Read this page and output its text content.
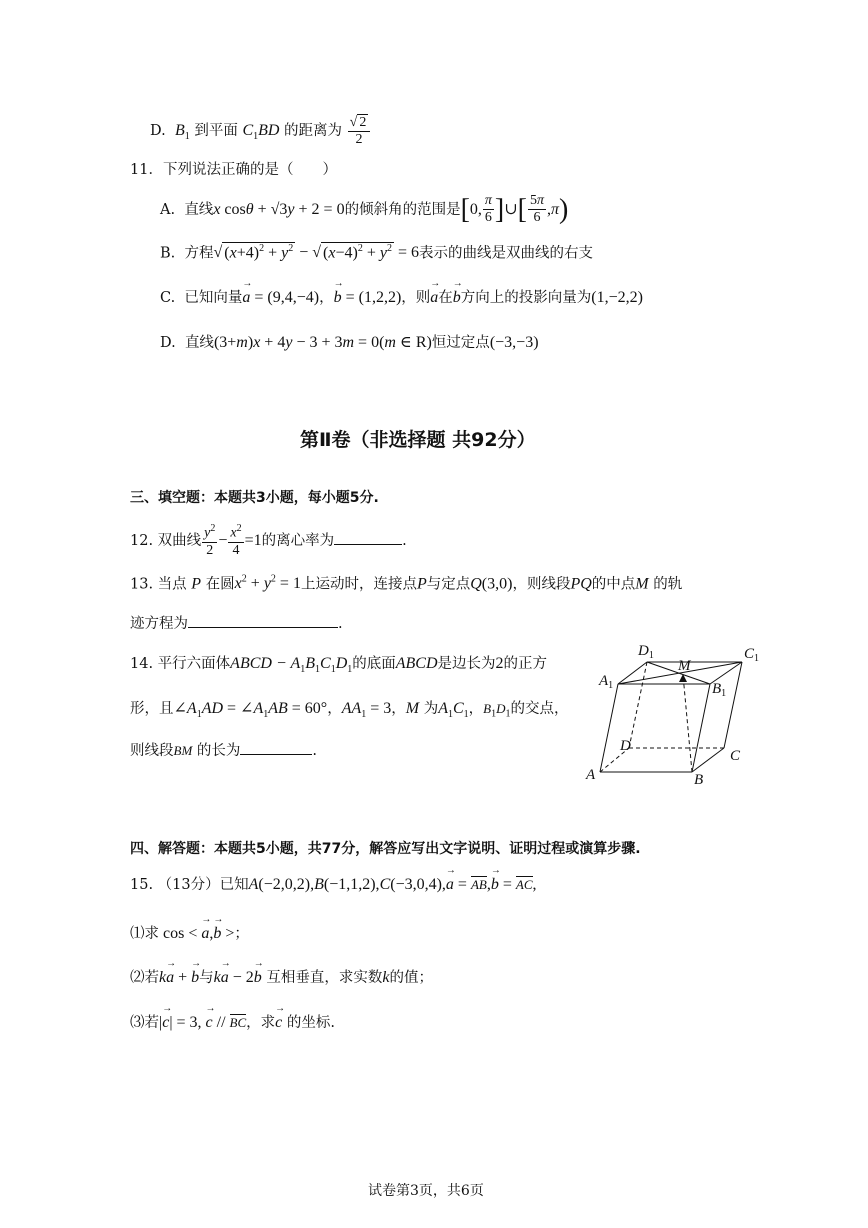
D. $B_1$ 到平面 $C_1BD$ 的距离为 $\frac{√ 2}{2}$
11．下列说法正确的是（　　）
A. 直线x cosθ + √3y + 2 = 0的倾斜角的范围是[0, $\frac{\pi}{6}$ ]∪[ $\frac{5\pi}{6} ,\pi$)
B. 方程√ $(x+4)^2 + y^2$ − √ $(x-4)^2 + y^2 = 6$表示的曲线是双曲线的右支
C. 已知向量→ a = (9,4,−4)，→ b = (1,2,2)，则→ a在→ b方向上的投影向量为(1,−2,2)
D. 直线(3+m)x + 4y − 3 + 3m = 0(m ∈ R)恒过定点(−3,−3)
第Ⅱ卷（非选择题 共92分）
三、填空题：本题共3小题，每小题5分.
12. 双曲线 $\frac{y^2}{2} - \frac{x^2}{4} =1$的离心率为	.
13. 当点 P 在圆$x^2 + y^2 = 1$上运动时，连接点P与定点Q(3,0)，则线段PQ的中点M 的轨
迹方程为	.
14. 平行六面体ABCD − $A_1B_1C_1D_1$的底面ABCD是边长为2的正方
形，且$\angle A_1AD$ = $\angle A_1AB = 60^\circ$，$AA_1 = 3$，M 为$A_1C_1$，$B_1D_1$的交点，
则线段BM 的长为	.
$D_1$	$C_1$
M
$A_1$	$B_1$
D
C
A	B
四、解答题：本题共5小题，共77分，解答应写出文字说明、证明过程或演算步骤.
15. （13分）已知A(−2,0,2),B(−1,1,2),C(−3,0,4),→ a = AB,→ b = AC,
⑴求 cos < → a,→ b >；
⑵若k→ a + → b与k→ a − 2→ b 互相垂直，求实数k的值；
⑶若|→ c| = 3, → c // BC，求→ c 的坐标.
试卷第3页，共6页
